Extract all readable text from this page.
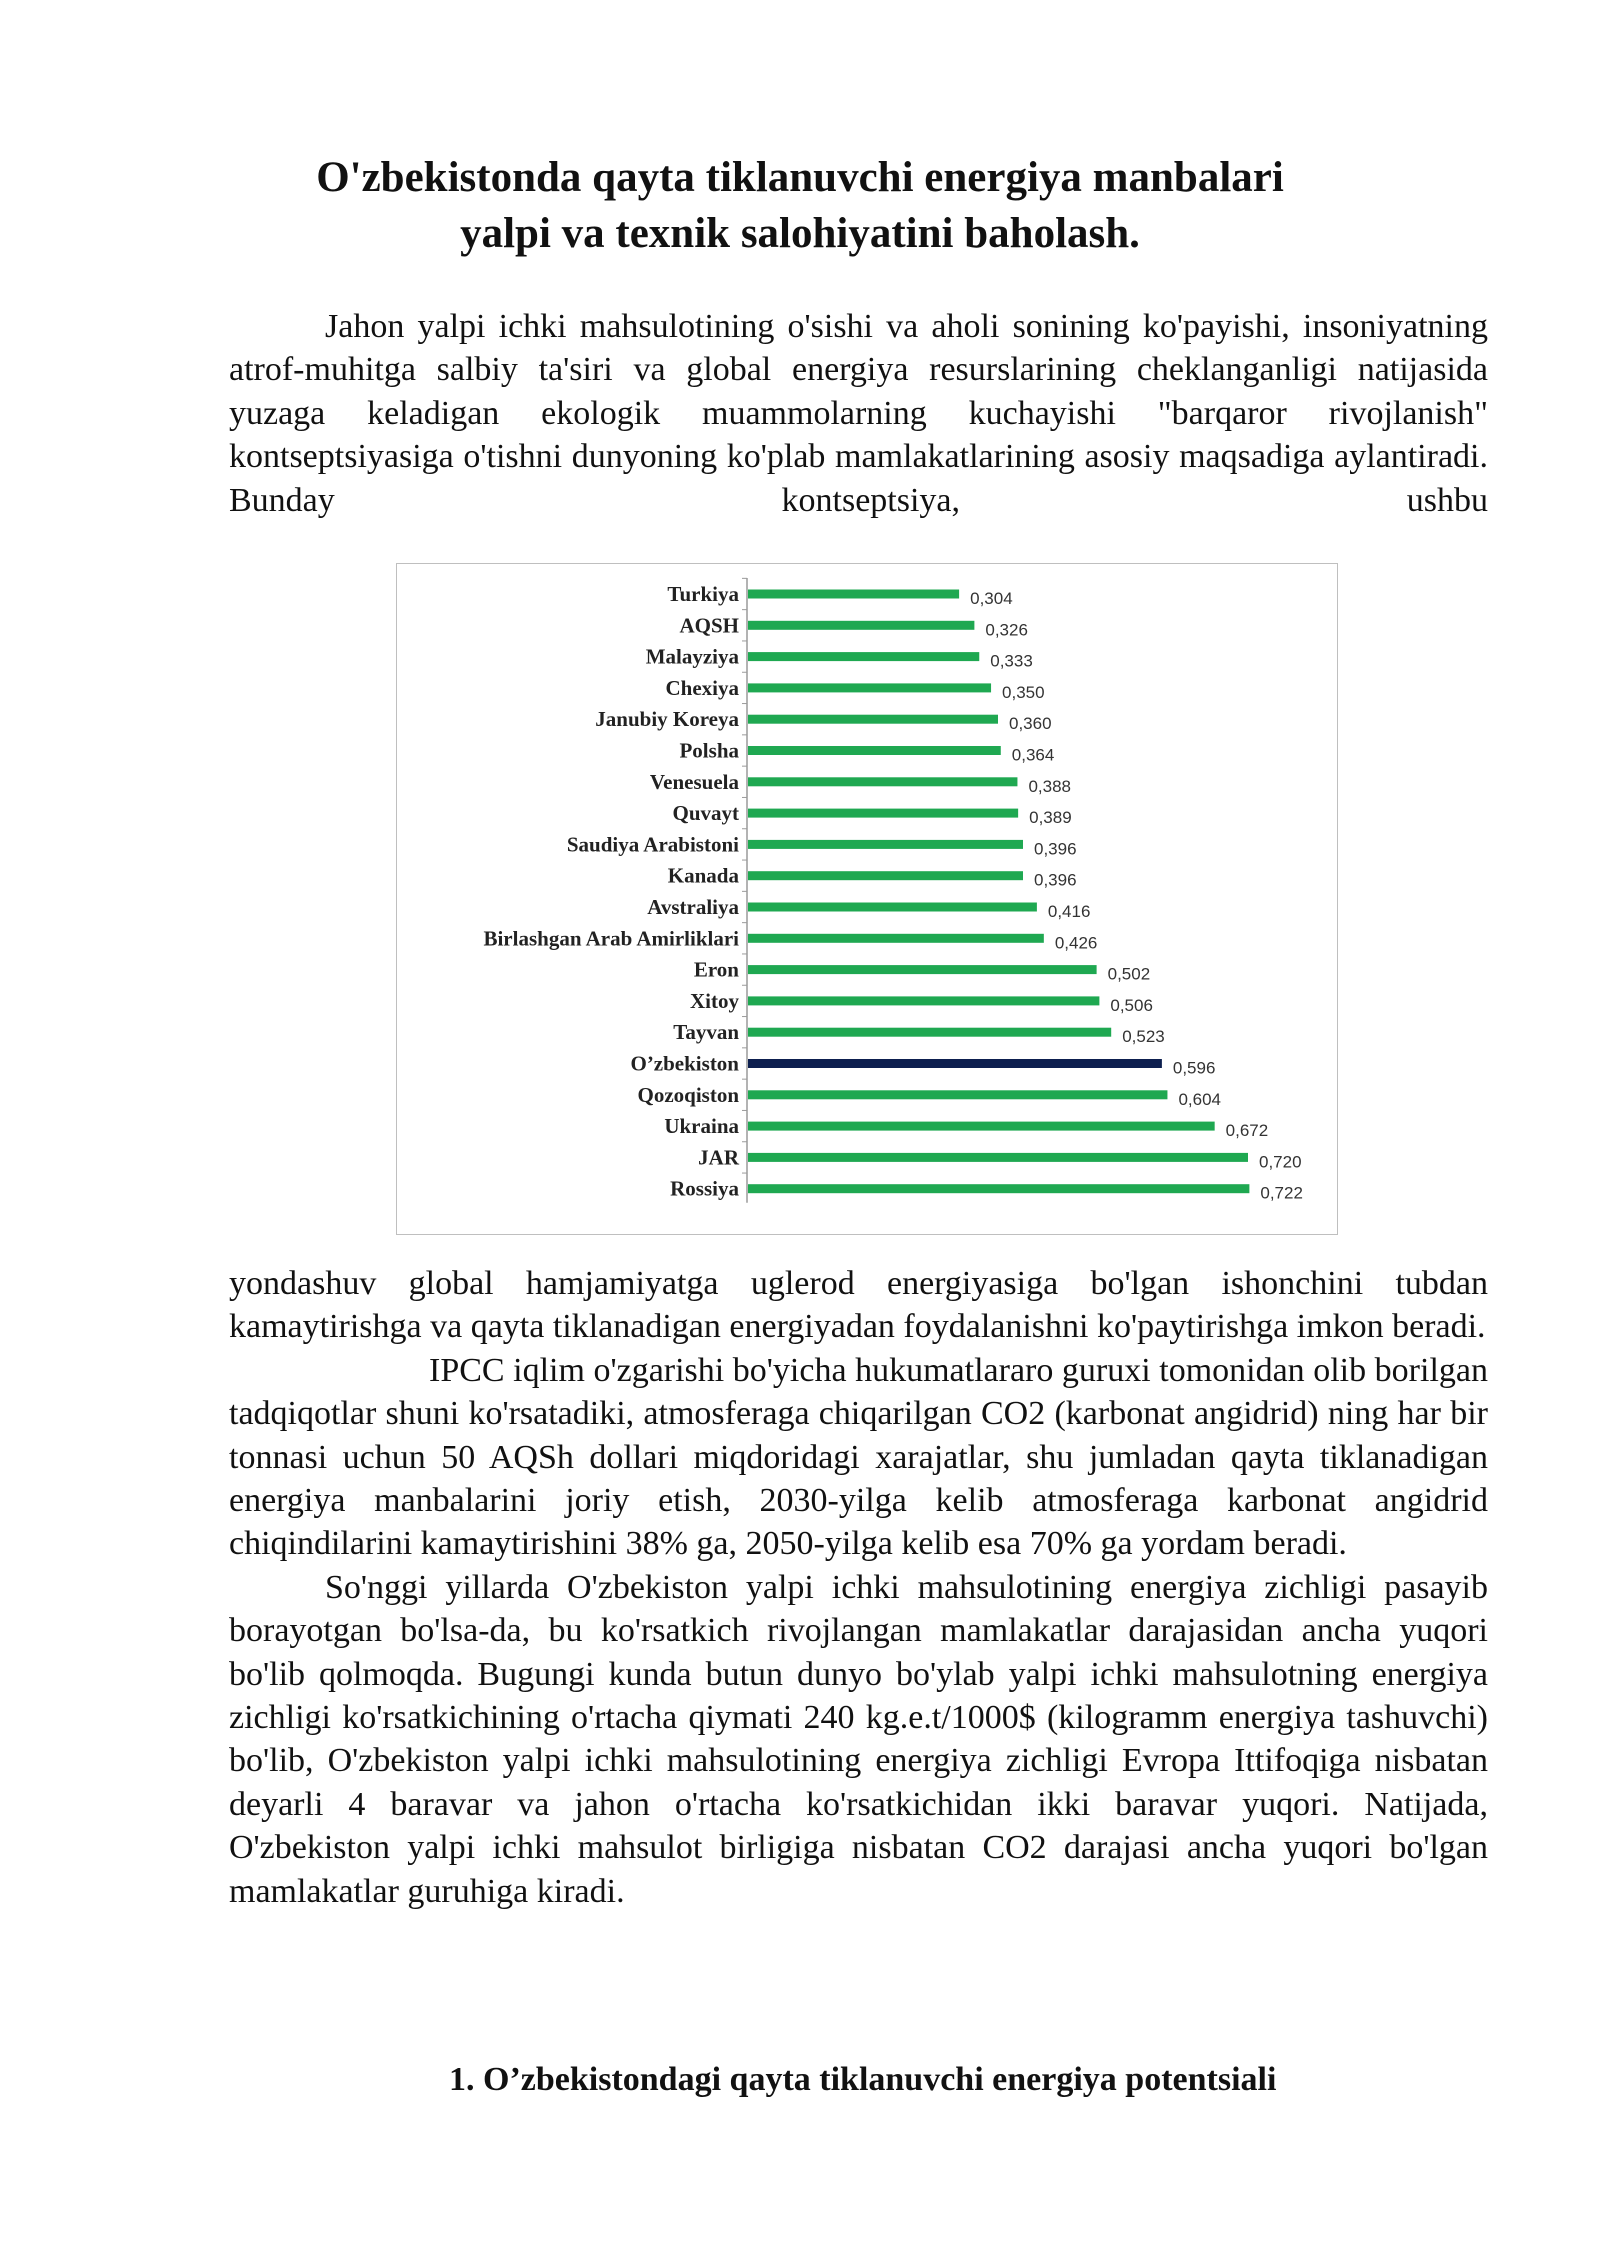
O'zbekistonda qayta tiklanuvchi energiya manbalari

yalpi va texnik salohiyatini baholash.

Jahon yalpi ichki mahsulotining o'sishi va aholi sonining ko'payishi, insoniyatning atrof-muhitga salbiy ta'siri va global energiya resurslarining cheklanganligi natijasida yuzaga keladigan ekologik muammolarning kuchayishi "barqaror rivojlanish" kontseptsiyasiga o'tishni dunyoning ko'plab mamlakatlarining asosiy maqsadiga aylantiradi. Bunday kontseptsiya, ushbu

Turkiya	0,304
AQSH	0,326
Malayziya	0,333
Chexiya	0,350
Janubiy Koreya	0,360
Polsha	0,364
Venesuela	0,388
Quvayt	0,389
Saudiya Arabistoni	0,396
Kanada	0,396
Avstraliya	0,416
Birlashgan Arab Amirliklari	0,426
Eron	0,502
Xitoy	0,506
Tayvan	0,523
O’zbekiston	0,596
Qozoqiston	0,604
Ukraina	0,672
JAR	0,720
Rossiya	0,722

yondashuv global hamjamiyatga uglerod energiyasiga bo'lgan ishonchini tubdan kamaytirishga va qayta tiklanadigan energiyadan foydalanishni ko'paytirishga imkon beradi.

IPCC iqlim o'zgarishi bo'yicha hukumatlararo guruxi tomonidan olib borilgan tadqiqotlar shuni ko'rsatadiki, atmosferaga chiqarilgan CO2 (karbonat angidrid) ning har bir tonnasi uchun 50 AQSh dollari miqdoridagi xarajatlar, shu jumladan qayta tiklanadigan energiya manbalarini joriy etish, 2030-yilga kelib atmosferaga karbonat angidrid chiqindilarini kamaytirishini 38% ga, 2050-yilga kelib esa 70% ga yordam beradi.

So'nggi yillarda O'zbekiston yalpi ichki mahsulotining energiya zichligi pasayib borayotgan bo'lsa-da, bu ko'rsatkich rivojlangan mamlakatlar darajasidan ancha yuqori bo'lib qolmoqda. Bugungi kunda butun dunyo bo'ylab yalpi ichki mahsulotning energiya zichligi ko'rsatkichining o'rtacha qiymati 240 kg.e.t/1000$ (kilogramm energiya tashuvchi) bo'lib, O'zbekiston yalpi ichki mahsulotining energiya zichligi Evropa Ittifoqiga nisbatan deyarli 4 baravar va jahon o'rtacha ko'rsatkichidan ikki baravar yuqori. Natijada, O'zbekiston yalpi ichki mahsulot birligiga nisbatan CO2 darajasi ancha yuqori bo'lgan mamlakatlar guruhiga kiradi.

1. O’zbekistondagi qayta tiklanuvchi energiya potentsiali
